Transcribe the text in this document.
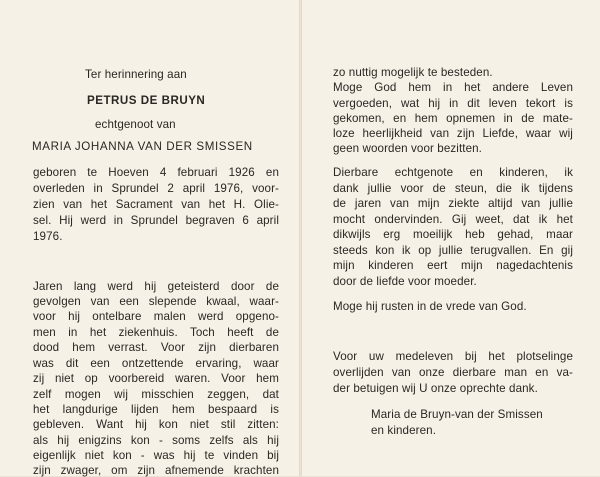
Ter herinnering aan
PETRUS DE BRUYN
echtgenoot van
MARIA JOHANNA VAN DER SMISSEN
geboren te Hoeven 4 februari 1926 en
overleden in Sprundel 2 april 1976, voor-
zien van het Sacrament van het H. Olie-
sel. Hij werd in Sprundel begraven 6 april
1976.
Jaren lang werd hij geteisterd door de
gevolgen van een slepende kwaal, waar-
voor hij ontelbare malen werd opgeno-
men in het ziekenhuis. Toch heeft de
dood hem verrast. Voor zijn dierbaren
was dit een ontzettende ervaring, waar
zij niet op voorbereid waren. Voor hem
zelf mogen wij misschien zeggen, dat
het langdurige lijden hem bespaard is
gebleven. Want hij kon niet stil zitten:
als hij enigzins kon - soms zelfs als hij
eigenlijk niet kon - was hij te vinden bij
zijn zwager, om zijn afnemende krachten
zo nuttig mogelijk te besteden.
Moge God hem in het andere Leven
vergoeden, wat hij in dit leven tekort is
gekomen, en hem opnemen in de mate-
loze heerlijkheid van zijn Liefde, waar wij
geen woorden voor bezitten.
Dierbare echtgenote en kinderen, ik
dank jullie voor de steun, die ik tijdens
de jaren van mijn ziekte altijd van jullie
mocht ondervinden. Gij weet, dat ik het
dikwijls erg moeilijk heb gehad, maar
steeds kon ik op jullie terugvallen. En gij
mijn kinderen eert mijn nagedachtenis
door de liefde voor moeder.
Moge hij rusten in de vrede van God.
Voor uw medeleven bij het plotselinge
overlijden van onze dierbare man en va-
der betuigen wij U onze oprechte dank.
Maria de Bruyn-van der Smissen
en kinderen.
